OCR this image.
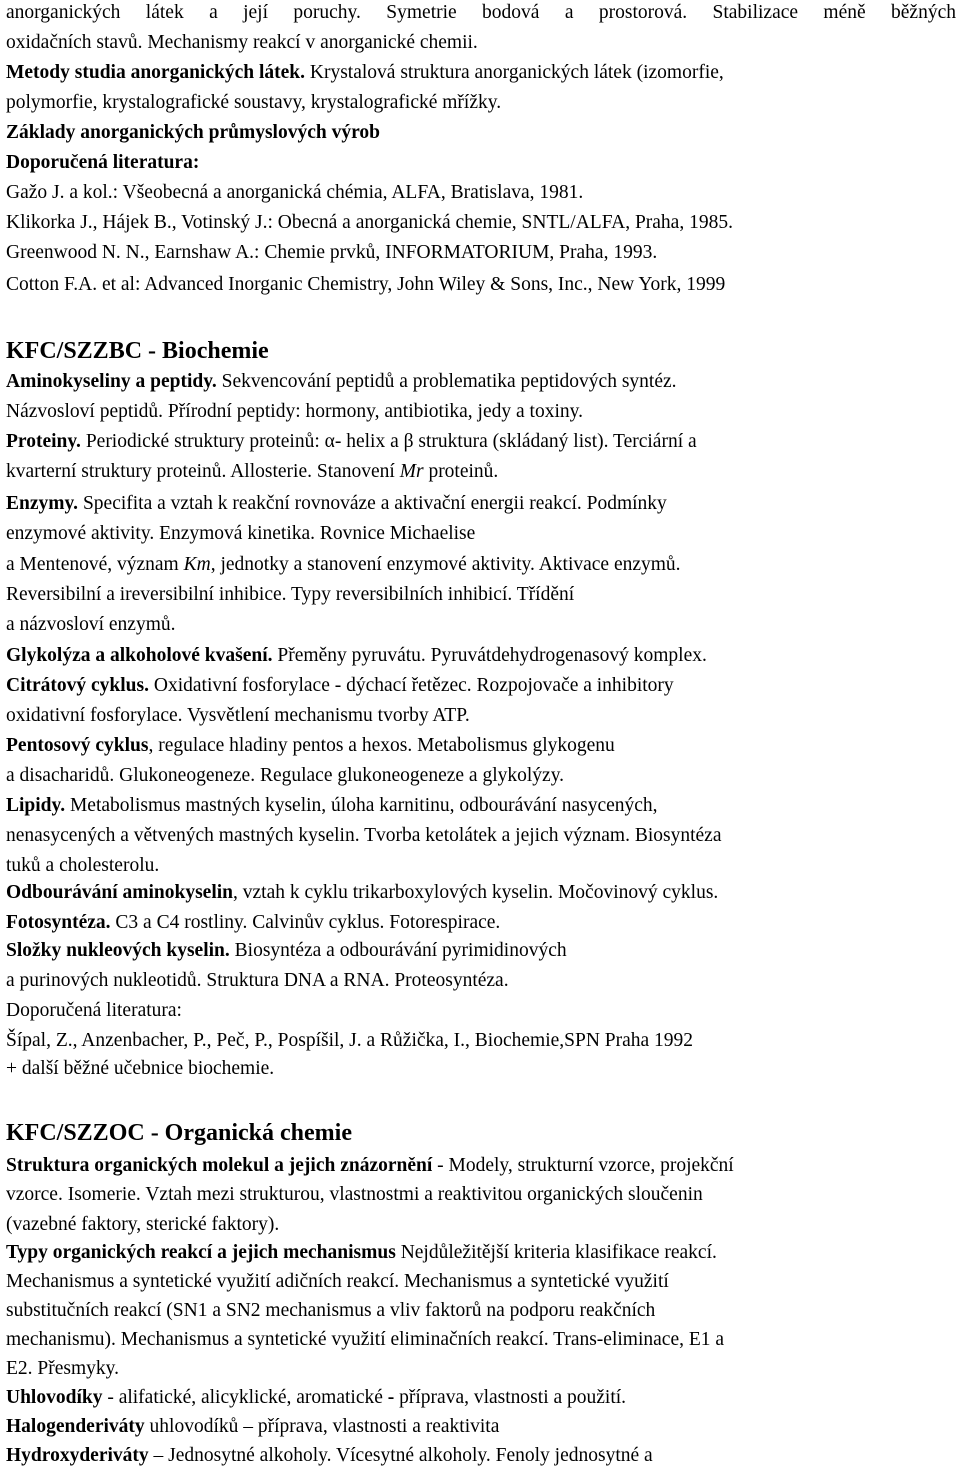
anorganických látek a její poruchy. Symetrie bodová a prostorová. Stabilizace méně běžných
oxidačních stavů. Mechanismy reakcí v anorganické chemii.
Metody studia anorganických látek. Krystalová struktura anorganických látek (izomorfie,
polymorfie, krystalografické soustavy, krystalografické mřížky.
Základy anorganických průmyslových výrob
Doporučená literatura:
Gažo J. a kol.: Všeobecná a anorganická chémia, ALFA, Bratislava, 1981.
Klikorka J., Hájek B., Votinský J.: Obecná a anorganická chemie, SNTL/ALFA, Praha, 1985.
Greenwood N. N., Earnshaw A.: Chemie prvků, INFORMATORIUM, Praha, 1993.
Cotton F.A. et al: Advanced Inorganic Chemistry, John Wiley & Sons, Inc., New York, 1999
KFC/SZZBC - Biochemie
Aminokyseliny a peptidy. Sekvencování peptidů a problematika peptidových syntéz.
Názvosloví peptidů. Přírodní peptidy: hormony, antibiotika, jedy a toxiny.
Proteiny. Periodické struktury proteinů: α- helix a β struktura (skládaný list). Terciární a
kvarterní struktury proteinů. Allosterie. Stanovení Mr proteinů.
Enzymy. Specifita a vztah k reakční rovnováze a aktivační energii reakcí. Podmínky
enzymové aktivity. Enzymová kinetika. Rovnice Michaelise
a Mentenové, význam Km, jednotky a stanovení enzymové aktivity. Aktivace enzymů.
Reversibilní a ireversibilní inhibice. Typy reversibilních inhibicí. Třídění
a názvosloví enzymů.
Glykolýza a alkoholové kvašení. Přeměny pyruvátu. Pyruvátdehydrogenasový komplex.
Citrátový cyklus. Oxidativní fosforylace - dýchací řetězec. Rozpojovače a inhibitory
oxidativní fosforylace. Vysvětlení mechanismu tvorby ATP.
Pentosový cyklus, regulace hladiny pentos a hexos. Metabolismus glykogenu
a disacharidů. Glukoneogeneze. Regulace glukoneogeneze a glykolýzy.
Lipidy. Metabolismus mastných kyselin, úloha karnitinu, odbourávání nasycených,
nenasycených a větvených mastných kyselin. Tvorba ketolátek a jejich význam. Biosyntéza
tuků a cholesterolu.
Odbourávání aminokyselin, vztah k cyklu trikarboxylových kyselin. Močovinový cyklus.
Fotosyntéza. C3 a C4 rostliny. Calvinův cyklus. Fotorespirace.
Složky nukleových kyselin. Biosyntéza a odbourávání pyrimidinových
a purinových nukleotidů. Struktura DNA a RNA. Proteosyntéza.
Doporučená literatura:
Šípal, Z., Anzenbacher, P., Peč, P., Pospíšil, J. a Růžička, I., Biochemie,SPN Praha 1992
+ další běžné učebnice biochemie.
KFC/SZZOC - Organická chemie
Struktura organických molekul a jejich znázornění - Modely, strukturní vzorce, projekční
vzorce. Isomerie. Vztah mezi strukturou, vlastnostmi a reaktivitou organických sloučenin
(vazebné faktory, sterické faktory).
Typy organických reakcí a jejich mechanismus Nejdůležitější kriteria klasifikace reakcí.
Mechanismus a syntetické využití adičních reakcí. Mechanismus a syntetické využití
substitučních reakcí (SN1 a SN2 mechanismus a vliv faktorů na podporu reakčních
mechanismu). Mechanismus a syntetické využití eliminačních reakcí. Trans-eliminace, E1 a
E2. Přesmyky.
Uhlovodíky - alifatické, alicyklické, aromatické - příprava, vlastnosti a použití.
Halogenderiváty uhlovodíků – příprava, vlastnosti a reaktivita
Hydroxyderiváty – Jednosytné alkoholy. Vícesytné alkoholy. Fenoly jednosytné a
